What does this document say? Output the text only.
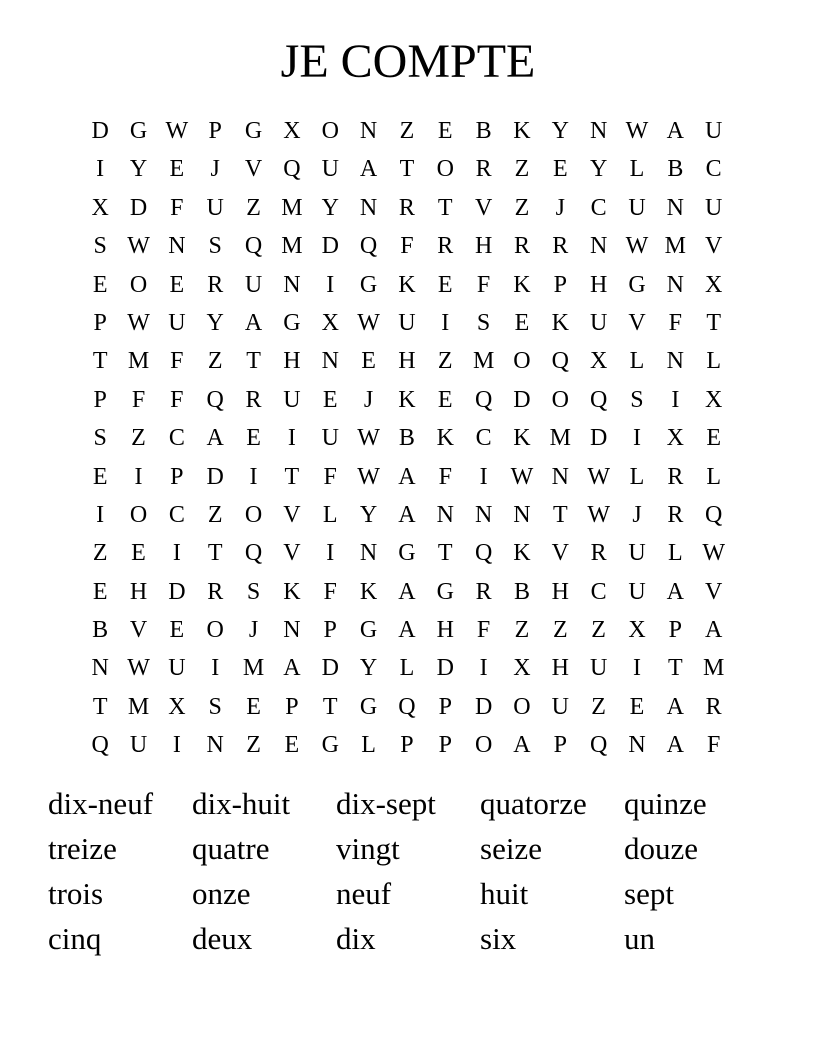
JE COMPTE
D G W P G X O N Z E B K Y N W A U
I	Y E	J	V Q U A T O R Z E Y L B C
X D F U Z M Y N R T V Z	J	C U N U
S W N S Q M D Q F R H R R N W M V
E O E R U N	I	G K E	F K P H G N X
P W U Y A G X W U	I	S	E K U V F	T
T M F	Z T H N E H Z M O Q X L N L
P	F	F Q R U E	J	K E Q D O Q S	I	X
S	Z C A E	I	U W B K C K M D	I	X E
E	I	P D	I	T	F W A F	I W N W L R L
I	O C Z O V L Y A N N N T W J	R Q
Z E	I	T Q V	I	N G T Q K V R U L W
E H D R S K F K A G R B H C U A V
B V E O	J	N P G A H F	Z Z Z X P A
N W U	I M A D Y L D	I	X H U	I	T M
T M X S	E	P	T G Q P D O U Z E A R
Q U	I	N Z E G L	P	P O A P Q N A F
dix-neuf	dix-huit	dix-sept	quatorze	quinze
treize	quatre	vingt	seize	douze
trois	onze	neuf	huit	sept
cinq	deux	dix	six	un
